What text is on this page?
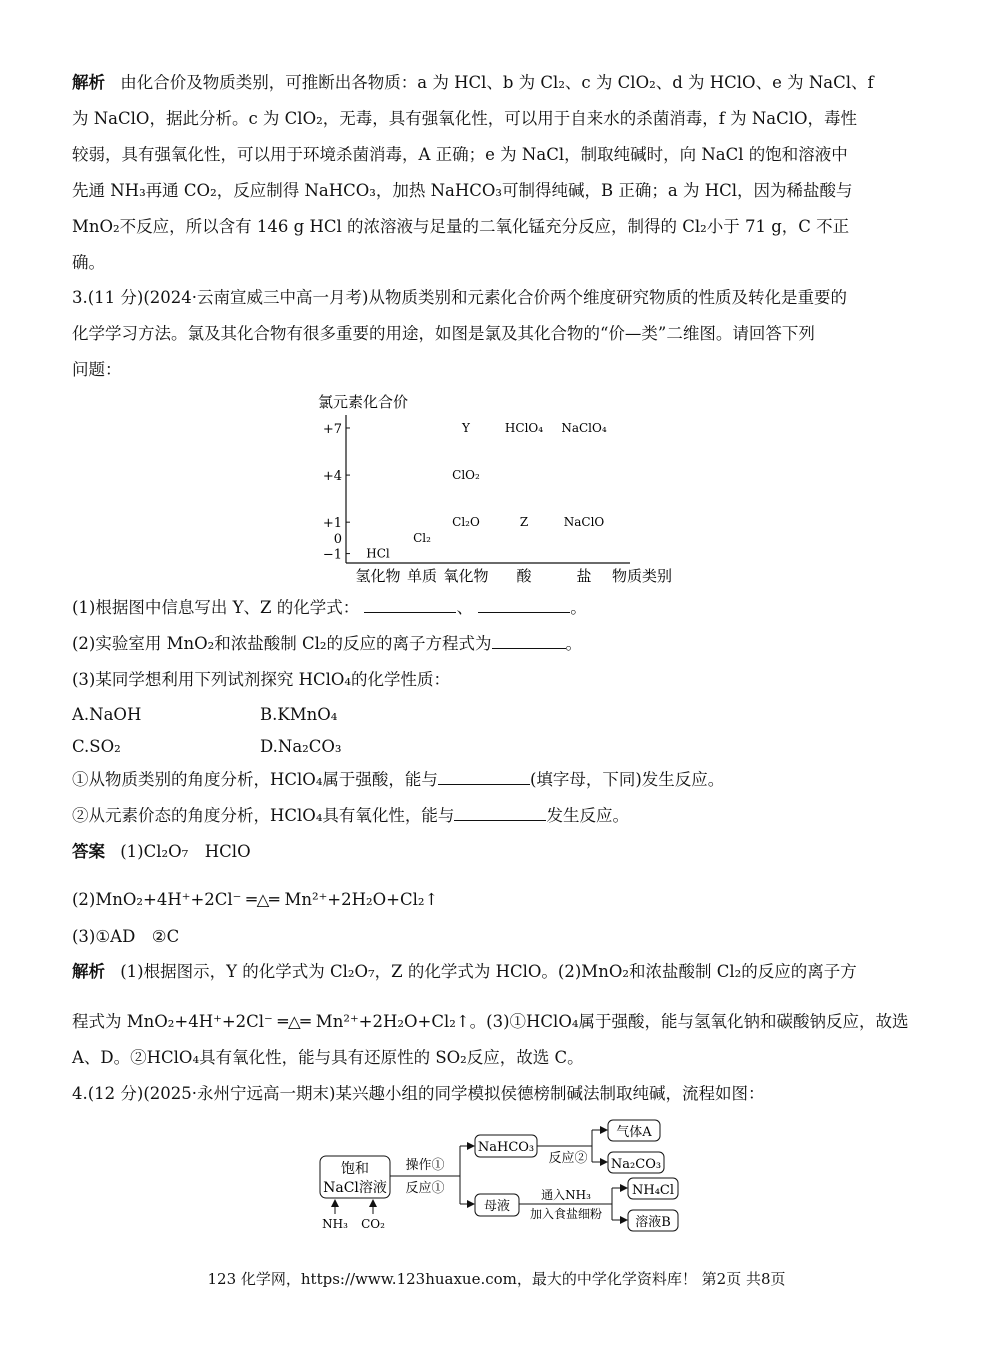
解析 由化合价及物质类别，可推断出各物质：a 为 HCl、b 为 Cl₂、c 为 ClO₂、d 为 HClO、e 为 NaCl、f
为 NaClO，据此分析。c 为 ClO₂，无毒，具有强氧化性，可以用于自来水的杀菌消毒，f 为 NaClO，毒性
较弱，具有强氧化性，可以用于环境杀菌消毒，A 正确；e 为 NaCl，制取纯碱时，向 NaCl 的饱和溶液中
先通 NH₃再通 CO₂，反应制得 NaHCO₃，加热 NaHCO₃可制得纯碱，B 正确；a 为 HCl，因为稀盐酸与
MnO₂不反应，所以含有 146 g HCl 的浓溶液与足量的二氧化锰充分反应，制得的 Cl₂小于 71 g，C 不正
确。
3.(11 分)(2024·云南宣威三中高一月考)从物质类别和元素化合价两个维度研究物质的性质及转化是重要的
化学学习方法。氯及其化合物有很多重要的用途，如图是氯及其化合物的“价—类”二维图。请回答下列
问题：
氯元素化合价
+7
+4
+1
0
−1 HCl
Cl₂
Cl₂O
ClO₂
Y
Z
HClO₄
NaClO
NaClO₄
氢化物 单质 氧化物 酸	盐 物质类别
(1)根据图中信息写出 Y、Z 的化学式：	、	。
(2)实验室用 MnO₂和浓盐酸制 Cl₂的反应的离子方程式为	。
(3)某同学想利用下列试剂探究 HClO₄的化学性质：
A.NaOH	B.KMnO₄
C.SO₂	D.Na₂CO₃
①从物质类别的角度分析，HClO₄属于强酸，能与	(填字母，下同)发生反应。
②从元素价态的角度分析，HClO₄具有氧化性，能与	发生反应。
答案 (1)Cl₂O₇　HClO
(2)MnO₂+4H⁺+2Cl⁻ ═△═ Mn²⁺+2H₂O+Cl₂↑
(3)①AD　②C
解析 (1)根据图示，Y 的化学式为 Cl₂O₇，Z 的化学式为 HClO。(2)MnO₂和浓盐酸制 Cl₂的反应的离子方
程式为 MnO₂+4H⁺+2Cl⁻ ═△═ Mn²⁺+2H₂O+Cl₂↑。(3)①HClO₄属于强酸，能与氢氧化钠和碳酸钠反应，故选
A、D。②HClO₄具有氧化性，能与具有还原性的 SO₂反应，故选 C。
4.(12 分)(2025·永州宁远高一期末)某兴趣小组的同学模拟侯德榜制碱法制取纯碱，流程如图：
饱和
NaCl溶液
NH₃ CO₂
操作①
反应①
NaHCO₃
反应②
气体A
Na₂CO₃
母液
通入NH₃
加入食盐细粉
NH₄Cl
溶液B
123 化学网，https://www.123huaxue.com，最大的中学化学资料库！ 第2页 共8页
